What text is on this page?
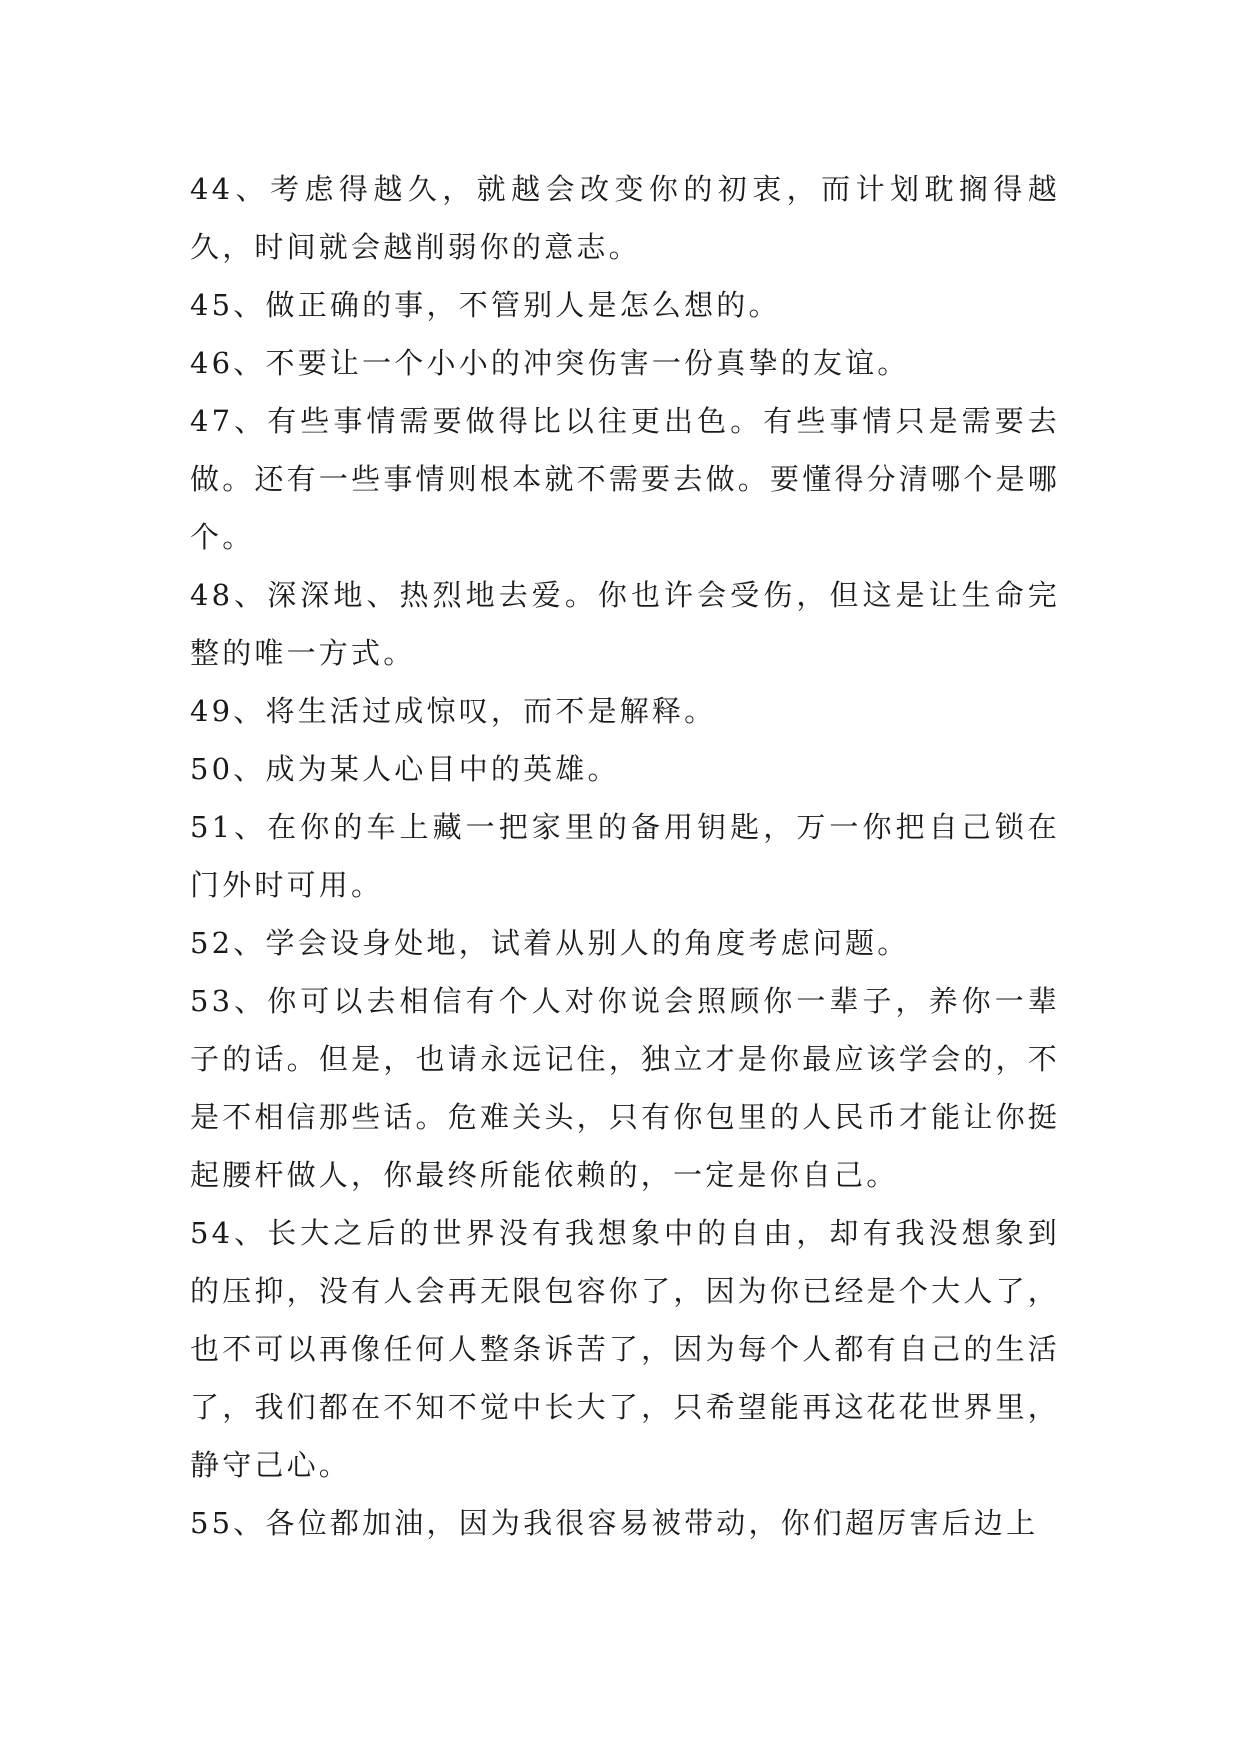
44、考虑得越久，就越会改变你的初衷，而计划耽搁得越久，时间就会越削弱你的意志。

45、做正确的事，不管别人是怎么想的。

46、不要让一个小小的冲突伤害一份真挚的友谊。

47、有些事情需要做得比以往更出色。有些事情只是需要去做。还有一些事情则根本就不需要去做。要懂得分清哪个是哪个。

48、深深地、热烈地去爱。你也许会受伤，但这是让生命完整的唯一方式。

49、将生活过成惊叹，而不是解释。

50、成为某人心目中的英雄。

51、在你的车上藏一把家里的备用钥匙，万一你把自己锁在门外时可用。

52、学会设身处地，试着从别人的角度考虑问题。

53、你可以去相信有个人对你说会照顾你一辈子，养你一辈子的话。但是，也请永远记住，独立才是你最应该学会的，不是不相信那些话。危难关头，只有你包里的人民币才能让你挺起腰杆做人，你最终所能依赖的，一定是你自己。

54、长大之后的世界没有我想象中的自由，却有我没想象到的压抑，没有人会再无限包容你了，因为你已经是个大人了，也不可以再像任何人整条诉苦了，因为每个人都有自己的生活了，我们都在不知不觉中长大了，只希望能再这花花世界里，静守己心。

55、各位都加油，因为我很容易被带动，你们超厉害后边上
